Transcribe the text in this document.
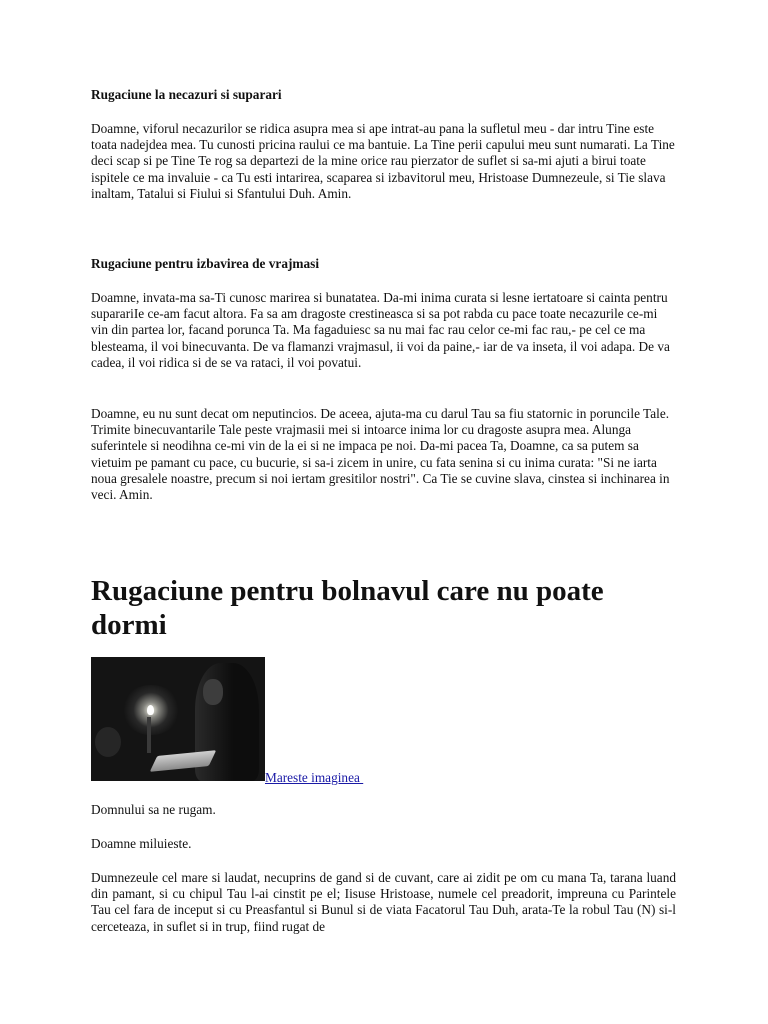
Rugaciune la necazuri si suparari

Doamne, viforul necazurilor se ridica asupra mea si ape intrat-au pana la sufletul meu - dar intru Tine este toata nadejdea mea. Tu cunosti pricina raului ce ma bantuie. La Tine perii capului meu sunt numarati. La Tine deci scap si pe Tine Te rog sa departezi de la mine orice rau pierzator de suflet si sa-mi ajuti a birui toate ispitele ce ma invaluie - ca Tu esti intarirea, scaparea si izbavitorul meu, Hristoase Dumnezeule, si Tie slava inaltam, Tatalui si Fiului si Sfantului Duh. Amin.

Rugaciune pentru izbavirea de vrajmasi

Doamne, invata-ma sa-Ti cunosc marirea si bunatatea. Da-mi inima curata si lesne iertatoare si cainta pentru suparariIe ce-am facut altora. Fa sa am dragoste crestineasca si sa pot rabda cu pace toate necazurile ce-mi vin din partea lor, facand porunca Ta. Ma fagaduiesc sa nu mai fac rau celor ce-mi fac rau,- pe cel ce ma blesteama, il voi binecuvanta. De va flamanzi vrajmasul, ii voi da paine,- iar de va inseta, il voi adapa. De va cadea, il voi ridica si de se va rataci, il voi povatui.

Doamne, eu nu sunt decat om neputincios. De aceea, ajuta-ma cu darul Tau sa fiu statornic in poruncile Tale. Trimite binecuvantarile Tale peste vrajmasii mei si intoarce inima lor cu dragoste asupra mea. Alunga suferintele si neodihna ce-mi vin de la ei si ne impaca pe noi. Da-mi pacea Ta, Doamne, ca sa putem sa vietuim pe pamant cu pace, cu bucurie, si sa-i zicem in unire, cu fata senina si cu inima curata: "Si ne iarta noua gresalele noastre, precum si noi iertam gresitilor nostri". Ca Tie se cuvine slava, cinstea si inchinarea in veci. Amin.

Rugaciune pentru bolnavul care nu poate dormi
Mareste imaginea

Domnului sa ne rugam.

Doamne miluieste.

Dumnezeule cel mare si laudat, necuprins de gand si de cuvant, care ai zidit pe om cu mana Ta, tarana luand din pamant, si cu chipul Tau l-ai cinstit pe el; Iisuse Hristoase, numele cel preadorit, impreuna cu Parintele Tau cel fara de inceput si cu Preasfantul si Bunul si de viata Facatorul Tau Duh, arata-Te la robul Tau (N) si-l cerceteaza, in suflet si in trup, fiind rugat de
